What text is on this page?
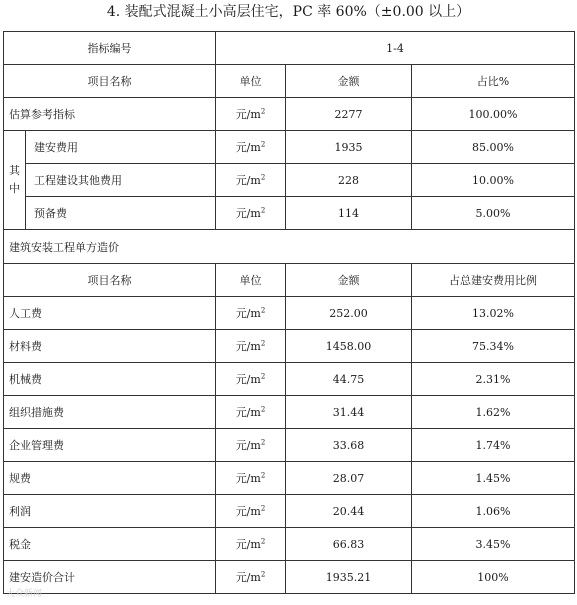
4. 装配式混凝土小高层住宅，PC 率 60%（±0.00 以上）
指标编号		1-4		
项目名称		单位	金额	占比%
估算参考指标		元$/m^2$	2277	100.00%
其
中	建安费用	元$/m^2$	1935	85.00%
	工程建设其他费用	元$/m^2$	228	10.00%
	预备费	元$/m^2$	114	5.00%
建筑安装工程单方造价				
项目名称		单位	金额	占总建安费用比例
人工费		元$/m^2$	252.00	13.02%
材料费		元$/m^2$	1458.00	75.34%
机械费		元$/m^2$	44.75	2.31%
组织措施费		元$/m^2$	31.44	1.62%
企业管理费		元$/m^2$	33.68	1.74%
规费		元$/m^2$	28.07	1.45%
利润		元$/m^2$	20.44	1.06%
税金		元$/m^2$	66.83	3.45%
建安造价合计		元$/m^2$	1935.21	100%
大众新闻
